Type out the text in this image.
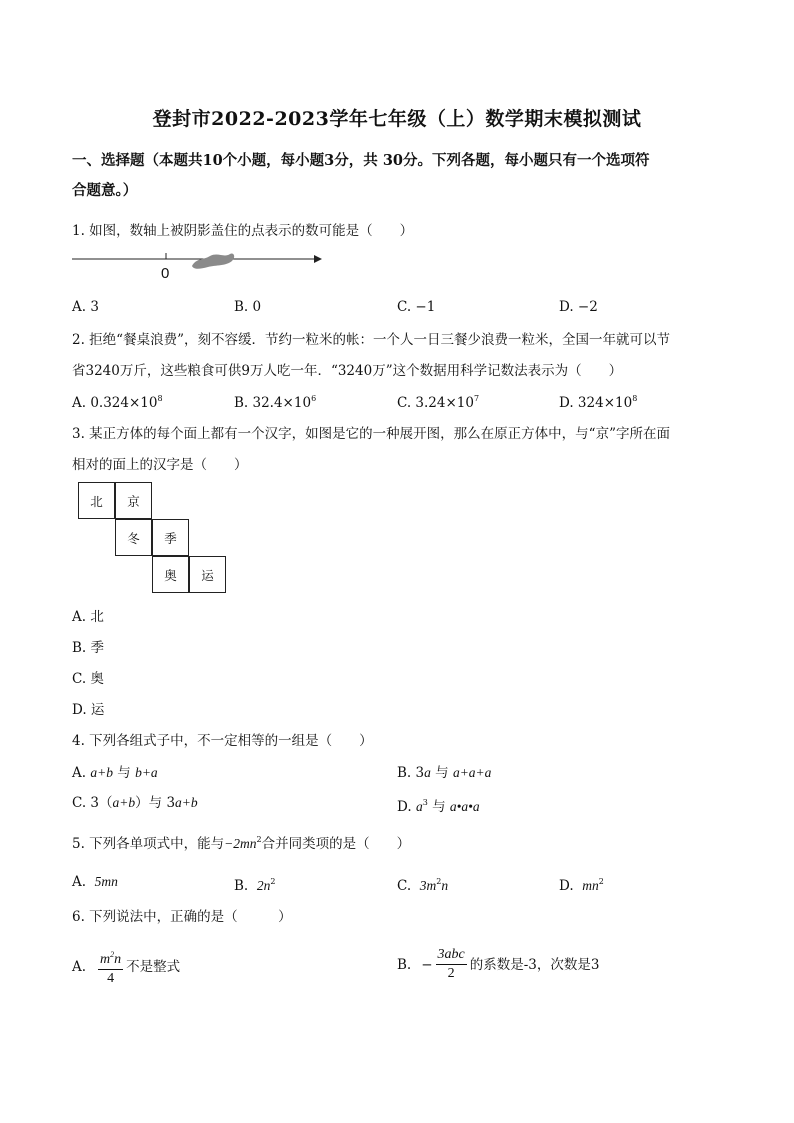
登封市2022-2023学年七年级（上）数学期末模拟测试
一、选择题（本题共10个小题，每小题3分，共 30分。下列各题，每小题只有一个选项符
合题意。）
1. 如图，数轴上被阴影盖住的点表示的数可能是（　　）
0
A. 3	B. 0	C. −1	D. −2
2. 拒绝“餐桌浪费”，刻不容缓．节约一粒米的帐：一个人一日三餐少浪费一粒米，全国一年就可以节
省3240万斤，这些粮食可供9万人吃一年．“3240万”这个数据用科学记数法表示为（　　）
A. $0.324\times 10^8$	B. $32.4\times 10^6$	C. $3.24\times 10^7$	D. $324\times 10^8$
3. 某正方体的每个面上都有一个汉字，如图是它的一种展开图，那么在原正方体中，与“京”字所在面
相对的面上的汉字是（　　）
北	京
冬	季
奥	运
A. 北
B. 季
C. 奥
D. 运
4. 下列各组式子中，不一定相等的一组是（　　）
A. a+b 与 b+a	B. 3a 与 a+a+a
C. 3（a+b）与 3a+b	D. $a^3$ 与 a•a•a
5. 下列各单项式中，能与$-2mn^2$合并同类项的是（　　）
A. 5mn	B. $2n^2$	C. $3m^2n$	D. $mn^2$
6. 下列说法中，正确的是（　　　）
A. $\frac{m^2n}{4}$ 不是整式	B. − $\frac{\text{3abc}}{2}$ 的系数是-3，次数是3
